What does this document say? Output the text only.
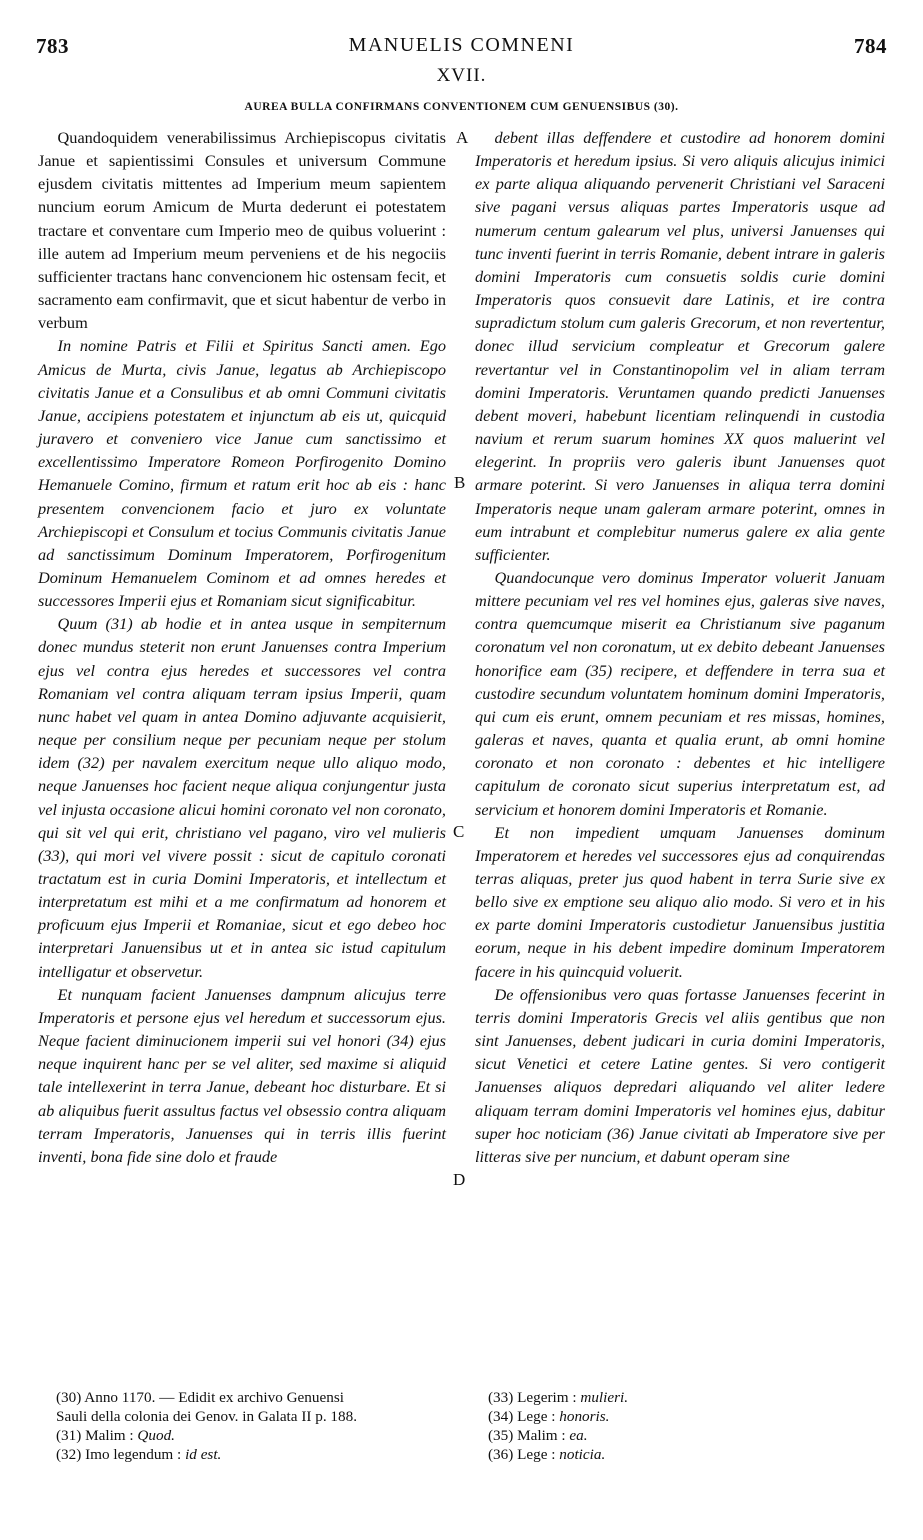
783	MANUELIS COMNENI	784
XVII.
AUREA BULLA CONFIRMANS CONVENTIONEM CUM GENUENSIBUS (30).

Quandoquidem venerabilissimus Archiepiscopus civitatis Janue et sapientissimi Consules et universum Commune ejusdem civitatis mittentes ad Imperium meum sapientem nuncium eorum Amicum de Murta dederunt ei potestatem tractare et conventare cum Imperio meo de quibus voluerint : ille autem ad Imperium meum perveniens et de his negociis sufficienter tractans hanc convencionem hic ostensam fecit, et sacramento eam confirmavit, que et sicut habentur de verbo in verbum

In nomine Patris et Filii et Spiritus Sancti amen. Ego Amicus de Murta, civis Janue, legatus ab Archiepiscopo civitatis Janue et a Consulibus et ab omni Communi civitatis Janue, accipiens potestatem et injunctum ab eis ut, quicquid juravero et conveniero vice Janue cum sanctissimo et excellentissimo Imperatore Romeon Porfirogenito Domino Hemanuele Comino, firmum et ratum erit hoc ab eis : hanc presentem convencionem facio et juro ex voluntate Archiepiscopi et Consulum et tocius Communis civitatis Janue ad sanctissimum Dominum Imperatorem, Porfirogenitum Dominum Hemanuelem Cominom et ad omnes heredes et successores Imperii ejus et Romaniam sicut significabitur.

Quum (31) ab hodie et in antea usque in sempiternum donec mundus steterit non erunt Januenses contra Imperium ejus vel contra ejus heredes et successores vel contra Romaniam vel contra aliquam terram ipsius Imperii, quam nunc habet vel quam in antea Domino adjuvante acquisierit, neque per consilium neque per pecuniam neque per stolum idem (32) per navalem exercitum neque ullo aliquo modo, neque Januenses hoc facient neque aliqua conjungentur justa vel injusta occasione alicui homini coronato vel non coronato, qui sit vel qui erit, christiano vel pagano, viro vel mulieris (33), qui mori vel vivere possit : sicut de capitulo coronati tractatum est in curia Domini Imperatoris, et intellectum et interpretatum est mihi et a me confirmatum ad honorem et proficuum ejus Imperii et Romaniae, sicut et ego debeo hoc interpretari Januensibus ut et in antea sic istud capitulum intelligatur et observetur.

Et nunquam facient Januenses dampnum alicujus terre Imperatoris et persone ejus vel heredum et successorum ejus. Neque facient diminucionem imperii sui vel honori (34) ejus neque inquirent hanc per se vel aliter, sed maxime si aliquid tale intellexerint in terra Janue, debeant hoc disturbare. Et si ab aliquibus fuerit assultus factus vel obsessio contra aliquam terram Imperatoris, Januenses qui in terris illis fuerint inventi, bona fide sine dolo et fraude

A
B
C
D

debent illas deffendere et custodire ad honorem domini Imperatoris et heredum ipsius. Si vero aliquis alicujus inimici ex parte aliqua aliquando pervenerit Christiani vel Saraceni sive pagani versus aliquas partes Imperatoris usque ad numerum centum galearum vel plus, universi Januenses qui tunc inventi fuerint in terris Romanie, debent intrare in galeris domini Imperatoris cum consuetis soldis curie domini Imperatoris quos consuevit dare Latinis, et ire contra supradictum stolum cum galeris Grecorum, et non revertentur, donec illud servicium compleatur et Grecorum galere revertantur vel in Constantinopolim vel in aliam terram domini Imperatoris. Veruntamen quando predicti Januenses debent moveri, habebunt licentiam relinquendi in custodia navium et rerum suarum homines XX quos maluerint vel elegerint. In propriis vero galeris ibunt Januenses quot armare poterint. Si vero Januenses in aliqua terra domini Imperatoris neque unam galeram armare poterint, omnes in eum intrabunt et complebitur numerus galere ex alia gente sufficienter.

Quandocunque vero dominus Imperator voluerit Januam mittere pecuniam vel res vel homines ejus, galeras sive naves, contra quemcumque miserit ea Christianum sive paganum coronatum vel non coronatum, ut ex debito debeant Januenses honorifice eam (35) recipere, et deffendere in terra sua et custodire secundum voluntatem hominum domini Imperatoris, qui cum eis erunt, omnem pecuniam et res missas, homines, galeras et naves, quanta et qualia erunt, ab omni homine coronato et non coronato : debentes et hic intelligere capitulum de coronato sicut superius interpretatum est, ad servicium et honorem domini Imperatoris et Romanie.

Et non impedient umquam Januenses dominum Imperatorem et heredes vel successores ejus ad conquirendas terras aliquas, preter jus quod habent in terra Surie sive ex bello sive ex emptione seu aliquo alio modo. Si vero et in his ex parte domini Imperatoris custodietur Januensibus justitia eorum, neque in his debent impedire dominum Imperatorem facere in his quincquid voluerit.

De offensionibus vero quas fortasse Januenses fecerint in terris domini Imperatoris Grecis vel aliis gentibus que non sint Januenses, debent judicari in curia domini Imperatoris, sicut Venetici et cetere Latine gentes. Si vero contigerit Januenses aliquos depredari aliquando vel aliter ledere aliquam terram domini Imperatoris vel homines ejus, dabitur super hoc noticiam (36) Janue civitati ab Imperatore sive per litteras sive per nuncium, et dabunt operam sine

(30) Anno 1170. — Edidit ex archivo Genuensi
Sauli della colonia dei Genov. in Galata II p. 188.
(31) Malim : Quod.
(32) Imo legendum : id est.
(33) Legerim : mulieri.
(34) Lege : honoris.
(35) Malim : ea.
(36) Lege : noticia.
